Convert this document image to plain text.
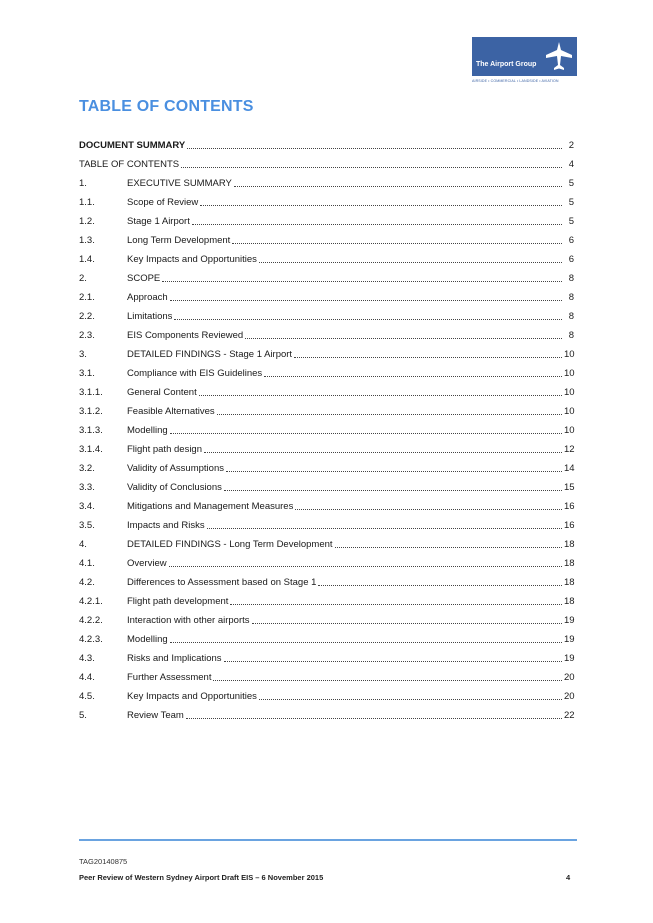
The Airport Group
AIRSIDE • COMMERCIAL • LANDSIDE • AVIATION
TABLE OF CONTENTS
DOCUMENT SUMMARY	2
TABLE OF CONTENTS	4
1.	EXECUTIVE SUMMARY	5
1.1.	Scope of Review	5
1.2.	Stage 1 Airport	5
1.3.	Long Term Development	6
1.4.	Key Impacts and Opportunities	6
2.	SCOPE	8
2.1.	Approach	8
2.2.	Limitations	8
2.3.	EIS Components Reviewed	8
3.	DETAILED FINDINGS - Stage 1 Airport	10
3.1.	Compliance with EIS Guidelines	10
3.1.1.	General Content	10
3.1.2.	Feasible Alternatives	10
3.1.3.	Modelling	10
3.1.4.	Flight path design	12
3.2.	Validity of Assumptions	14
3.3.	Validity of Conclusions	15
3.4.	Mitigations and Management Measures	16
3.5.	Impacts and Risks	16
4.	DETAILED FINDINGS - Long Term Development	18
4.1.	Overview	18
4.2.	Differences to Assessment based on Stage 1	18
4.2.1.	Flight path development	18
4.2.2.	Interaction with other airports	19
4.2.3.	Modelling	19
4.3.	Risks and Implications	19
4.4.	Further Assessment	20
4.5.	Key Impacts and Opportunities	20
5.	Review Team	22
TAG20140875
Peer Review of Western Sydney Airport Draft EIS – 6 November 2015	4
